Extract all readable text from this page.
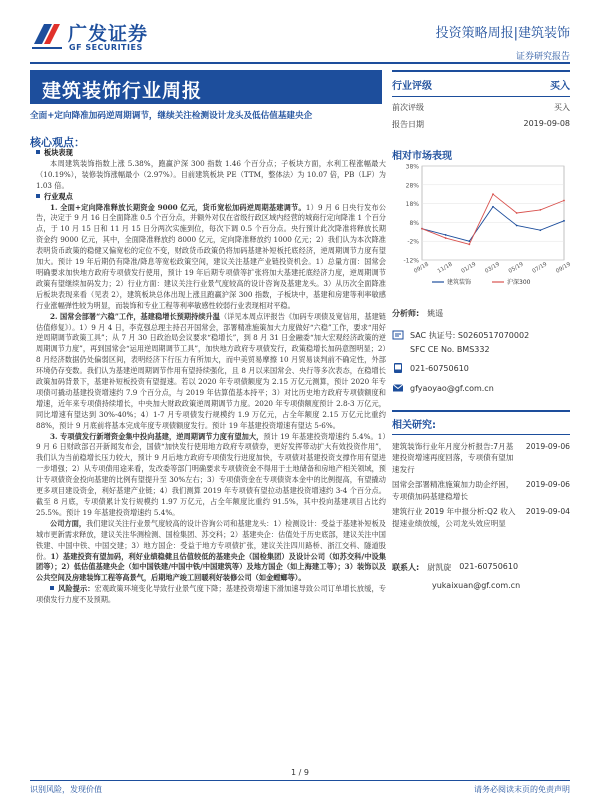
广发证券
GF SECURITIES
投资策略周报|建筑装饰
证券研究报告
建筑装饰行业周报
全面+定向降准加码逆周期调节，继续关注检测设计龙头及低估值基建央企
核心观点：

板块表现

本周建筑装饰指数上涨 5.38%，跑赢沪深 300 指数 1.46 个百分点；子板块方面，水利工程涨幅最大（10.19%），装修装饰涨幅最小（2.97%）。目前建筑板块 PE（TTM，整体法）为 10.07 倍，PB（LF）为 1.03 倍。

行业观点

1. 全面+定向降准释放长期资金 9000 亿元，货币宽松加码逆周期基建调节。1）9 月 6 日央行发布公告，决定于 9 月 16 日全面降准 0.5 个百分点，并额外对仅在省级行政区域内经营的城商行定向降准 1 个百分点，于 10 月 15 日和 11 月 15 日分两次实施到位，每次下调 0.5 个百分点。央行预计此次降准将释放长期资金约 9000 亿元，其中，全面降准释放约 8000 亿元，定向降准释放约 1000 亿元；2）我们认为本次降准表明货币政策的稳健又偏宽松的定位不变，财政货币政策仍将加码基建补短板托底经济，逆周期调节力度有望加大。预计 19 年后期仍有降准/降息等宽松政策空间，建议关注基建产业链投资机会。1）总量方面：国常会明确要求加快地方政府专项债发行使用，预计 19 年后期专项债等扩张将加大基建托底经济力度，逆周期调节政策有望继续加码发力；2）行业方面：建议关注行业景气度较高的设计咨询及基建龙头。3）从历次全面降准后板块表现来看（见表 2），建筑板块总体出现上涨且跑赢沪深 300 指数，子板块中，基建和房建等利率敏感行业涨幅弹性较为明显，而装饰和专业工程等利率敏感性较弱行业表现相对平稳。

2. 国常会部署“六稳”工作，基建稳增长预期持续升温（详见本周点评报告《加码专项债及宽信用，基建链估值修复》）。1）9 月 4 日，李克强总理主持召开国常会，部署精准施策加大力度做好“六稳”工作，要求“用好逆周期调节政策工具”；从 7 月 30 日政治局会议要求“稳增长”，到 8 月 31 日金融委“加大宏观经济政策的逆周期调节力度”，再到国常会“运用逆周期调节工具”，加快地方政府专项债发行，政策稳增长加码意图明显；2）8 月经济数据仍处偏弱区间，表明经济下行压力有所加大，而中美贸易摩擦 10 月贸易谈判前不确定性，外部环境仍存变数。我们认为基建逆周期调节作用有望持续强化，且 8 月以来国常会、央行等多次表态，在稳增长政策加码背景下，基建补短板投资有望提速。若以 2020 年专项债额度为 2.15 万亿元测算，预计 2020 年专项债可撬动基建投资增速约 7.9 个百分点，与 2019 年估算值基本持平；3）对比历史地方政府专项债额度和增速，近年来专项债持续增长，中央加大财政政策逆周期调节力度。2020 年专项债额度预计 2.8-3 万亿元，同比增速有望达到 30%-40%；4）1-7 月专项债发行规模约 1.9 万亿元，占全年额度 2.15 万亿元比重约 88%，预计 9 月底前将基本完成年度专项债额度发行。预计 19 年基建投资增速有望达 5-6%。

3. 专项债发行新增资金集中投向基建，逆周期调节力度有望加大，预计 19 年基建投资增速约 5.4%。1）9 月 6 日财政部召开新闻发布会，国债“加快发行使用地方政府专项债券，更好发挥带动扩大有效投资作用”，我们认为当前稳增长压力较大，预计 9 月后地方政府专项债发行进度加快，专项债对基建投资支撑作用有望进一步增强；2）从专项债用途来看，发改委等部门明确要求专项债资金不得用于土地储备和房地产相关领域，预计专项债资金投向基建的比例有望提升至 30%左右；3）专项债资金在专项债资本金中的比例提高，有望撬动更多项目建设资金，利好基建产业链；4）我们测算 2019 年专项债有望拉动基建投资增速约 3-4 个百分点。截至 8 月底，专项债累计发行规模约 1.97 万亿元，占全年额度比重约 91.5%，其中投向基建项目占比约 25.5%。预计 19 年基建投资增速约 5.4%。

公司方面，我们建议关注行业景气度较高的设计咨询公司和基建龙头：1）检测设计：受益于基建补短板及城市更新需求释放，建议关注华测检测、国检集团、苏交科；2）基建央企：估值处于历史底部，建议关注中国铁建、中国中铁、中国交建；3）地方国企：受益于地方专项债扩张，建议关注四川路桥、浙江交科、隧道股份。1）基建投资有望加码，利好业绩稳健且估值较低的基建央企（国检集团）及设计公司（如苏交科/中设集团等）；2）低估值基建央企（如中国铁建/中国中铁/中国建筑等）及地方国企（如上海建工等）；3）装饰以及公共空间及房建装饰工程等高景气，后期地产竣工回暖利好装修公司（如金螳螂等）。

风险提示：宏观政策环境变化导致行业景气度下降；基建投资增速下滑加速导致公司订单增长放缓，专项债发行力度不及预期。

行业评级	买入
前次评级	买入
报告日期	2019-09-08
相对市场表现
38%
28%
18%
8%
-2%
-12%
09/18 11/18 01/19 03/19 05/19 07/19 09/19
建筑装饰	沪深300
分析师: 姚遥
SAC 执证号: S0260517070002
SFC CE No. BMS332
021-60750610
gfyaoyao@gf.com.cn
相关研究:
建筑装饰行业年月度分析报告:7月基建投资增速再度回落，专项债有望加速发行
2019-09-06
国常会部署精准施策加力助企纾困，专项债加码基建稳增长
2019-09-06
建筑行业 2019 年中报分析:Q2 收入提速业绩放缓，公司龙头效应明显
2019-09-04
联系人: 尉凯旋 021-60750610
yukaixuan@gf.com.cn
1 / 9
识别风险，发现价值	请务必阅读末页的免责声明
